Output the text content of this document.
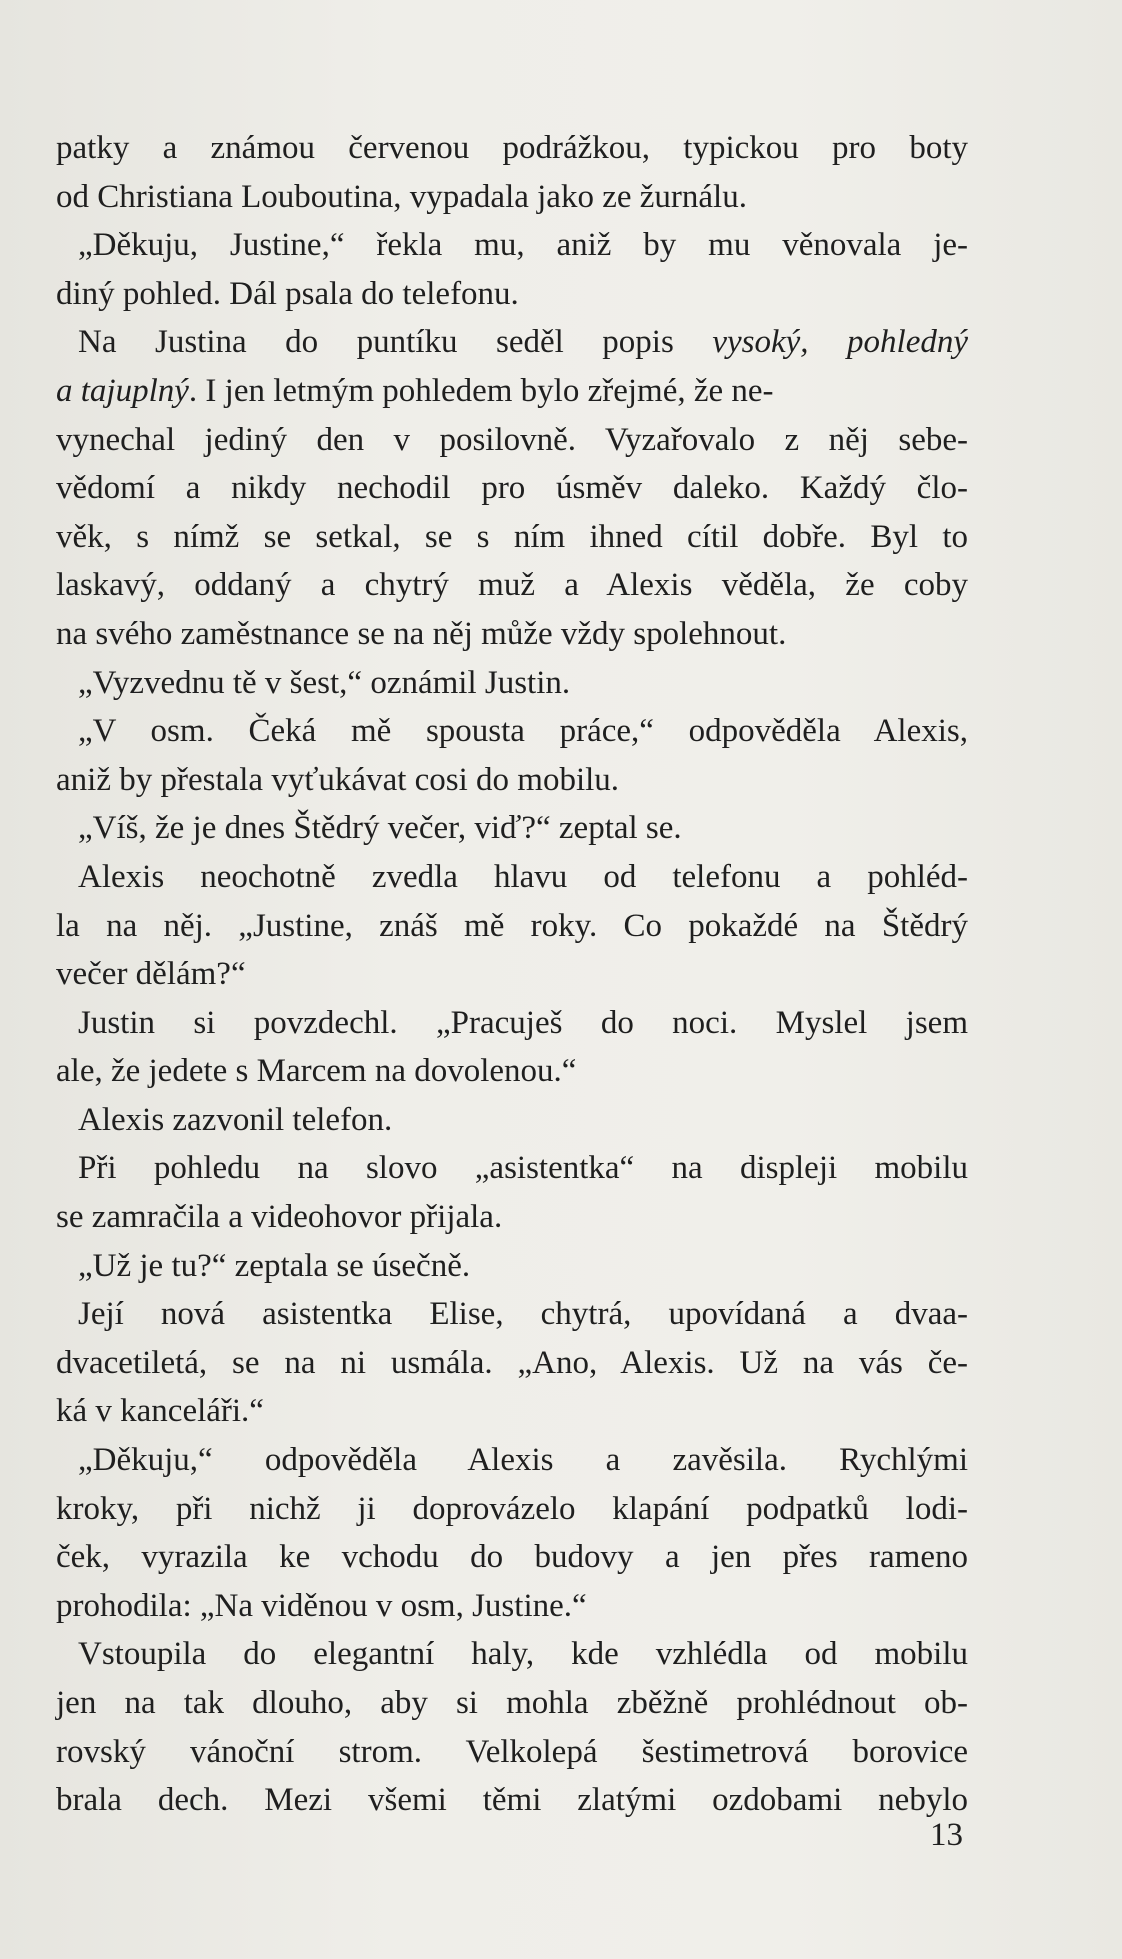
patky a známou červenou podrážkou, typickou pro boty
od Christiana Louboutina, vypadala jako ze žurnálu.
„Děkuju, Justine,“ řekla mu, aniž by mu věnovala je-
diný pohled. Dál psala do telefonu.
Na Justina do puntíku seděl popis vysoký, pohledný
a tajuplný. I jen letmým pohledem bylo zřejmé, že ne-
vynechal jediný den v posilovně. Vyzařovalo z něj sebe-
vědomí a nikdy nechodil pro úsměv daleko. Každý člo-
věk, s nímž se setkal, se s ním ihned cítil dobře. Byl to
laskavý, oddaný a chytrý muž a Alexis věděla, že coby
na svého zaměstnance se na něj může vždy spolehnout.
„Vyzvednu tě v šest,“ oznámil Justin.
„V osm. Čeká mě spousta práce,“ odpověděla Alexis,
aniž by přestala vyťukávat cosi do mobilu.
„Víš, že je dnes Štědrý večer, viď?“ zeptal se.
Alexis neochotně zvedla hlavu od telefonu a pohléd-
la na něj. „Justine, znáš mě roky. Co pokaždé na Štědrý
večer dělám?“
Justin si povzdechl. „Pracuješ do noci. Myslel jsem
ale, že jedete s Marcem na dovolenou.“
Alexis zazvonil telefon.
Při pohledu na slovo „asistentka“ na displeji mobilu
se zamračila a videohovor přijala.
„Už je tu?“ zeptala se úsečně.
Její nová asistentka Elise, chytrá, upovídaná a dvaa-
dvacetiletá, se na ni usmála. „Ano, Alexis. Už na vás če-
ká v kanceláři.“
„Děkuju,“ odpověděla Alexis a zavěsila. Rychlými
kroky, při nichž ji doprovázelo klapání podpatků lodi-
ček, vyrazila ke vchodu do budovy a jen přes rameno
prohodila: „Na viděnou v osm, Justine.“
Vstoupila do elegantní haly, kde vzhlédla od mobilu
jen na tak dlouho, aby si mohla zběžně prohlédnout ob-
rovský vánoční strom. Velkolepá šestimetrová borovice
brala dech. Mezi všemi těmi zlatými ozdobami nebylo
13
